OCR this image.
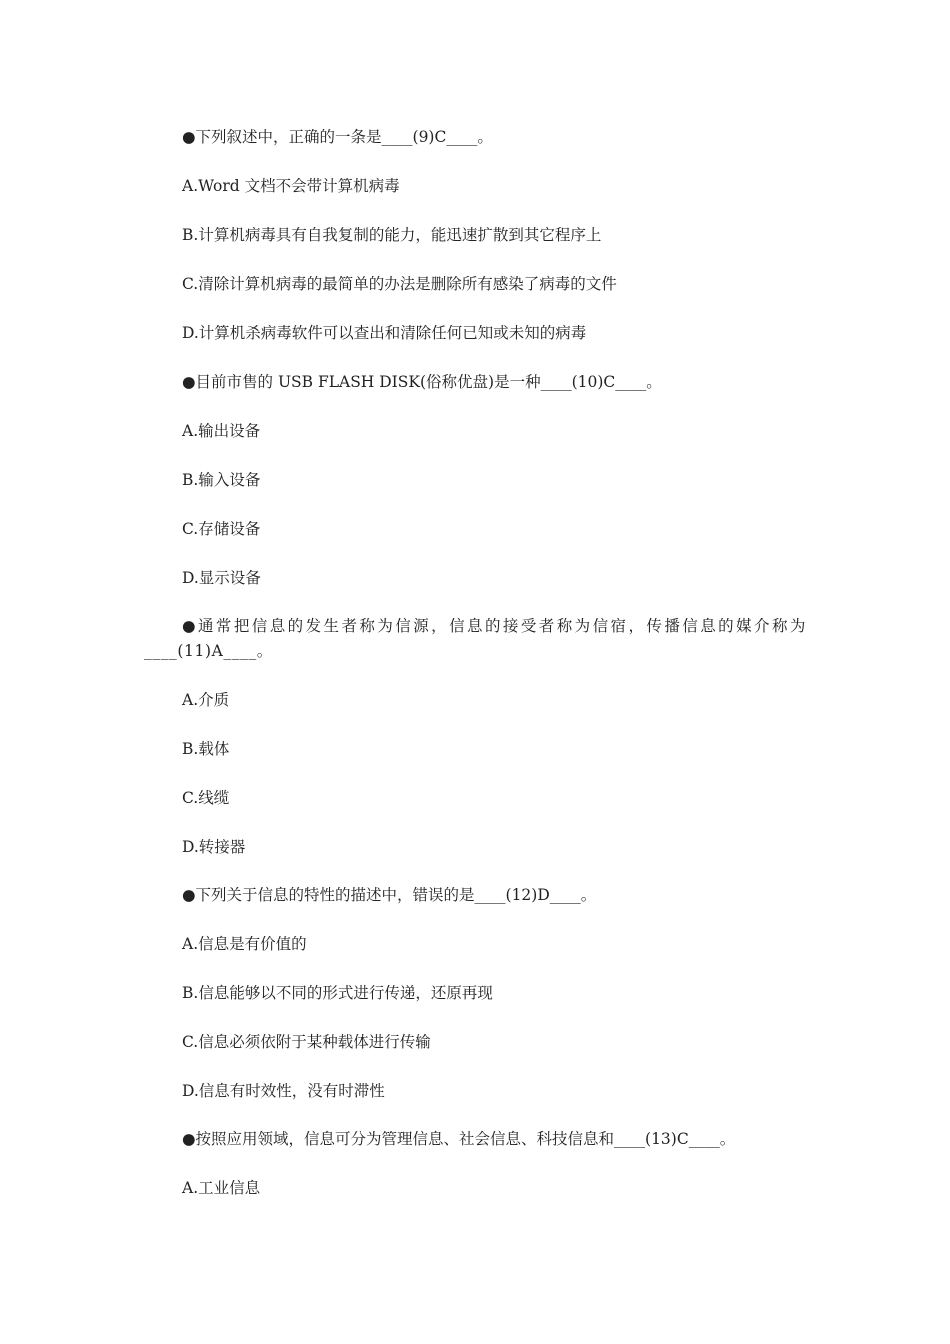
●下列叙述中，正确的一条是____(9)C____。

A.Word 文档不会带计算机病毒

B.计算机病毒具有自我复制的能力，能迅速扩散到其它程序上

C.清除计算机病毒的最简单的办法是删除所有感染了病毒的文件

D.计算机杀病毒软件可以查出和清除任何已知或未知的病毒

●目前市售的 USB FLASH DISK(俗称优盘)是一种____(10)C____。

A.输出设备

B.输入设备

C.存储设备

D.显示设备

●通常把信息的发生者称为信源，信息的接受者称为信宿，传播信息的媒介称为____(11)A____。

A.介质

B.载体

C.线缆

D.转接器

●下列关于信息的特性的描述中，错误的是____(12)D____。

A.信息是有价值的

B.信息能够以不同的形式进行传递，还原再现

C.信息必须依附于某种载体进行传输

D.信息有时效性，没有时滞性

●按照应用领域，信息可分为管理信息、社会信息、科技信息和____(13)C____。

A.工业信息
